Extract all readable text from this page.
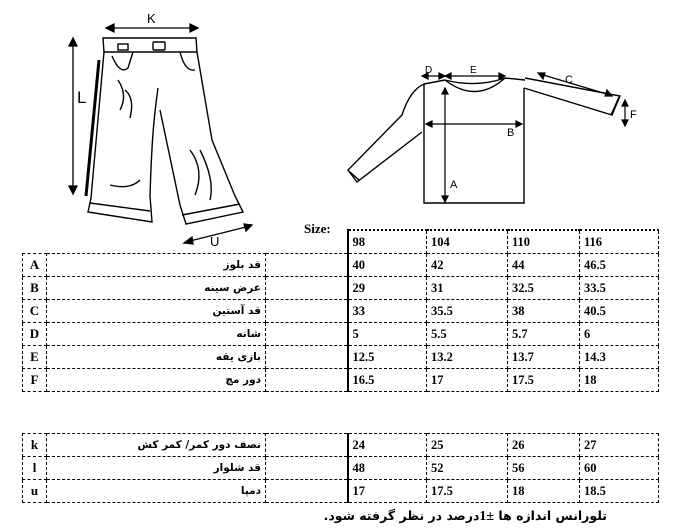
K
L
U
D	E
C
F
B
A
Size:
			98	104	110	116
A	قد بلوز		40	42	44	46.5
B	عرض سینه		29	31	32.5	33.5
C	قد آستین		33	35.5	38	40.5
D	شانه		5	5.5	5.7	6
E	بازی یقه		12.5	13.2	13.7	14.3
F	دور مچ		16.5	17	17.5	18
k	نصف دور کمر/ کمر کش		24	25	26	27
l	قد شلوار		48	52	56	60
u	دمپا		17	17.5	18	18.5
تلورانس اندازه ها ±1درصد در نظر گرفته شود.
